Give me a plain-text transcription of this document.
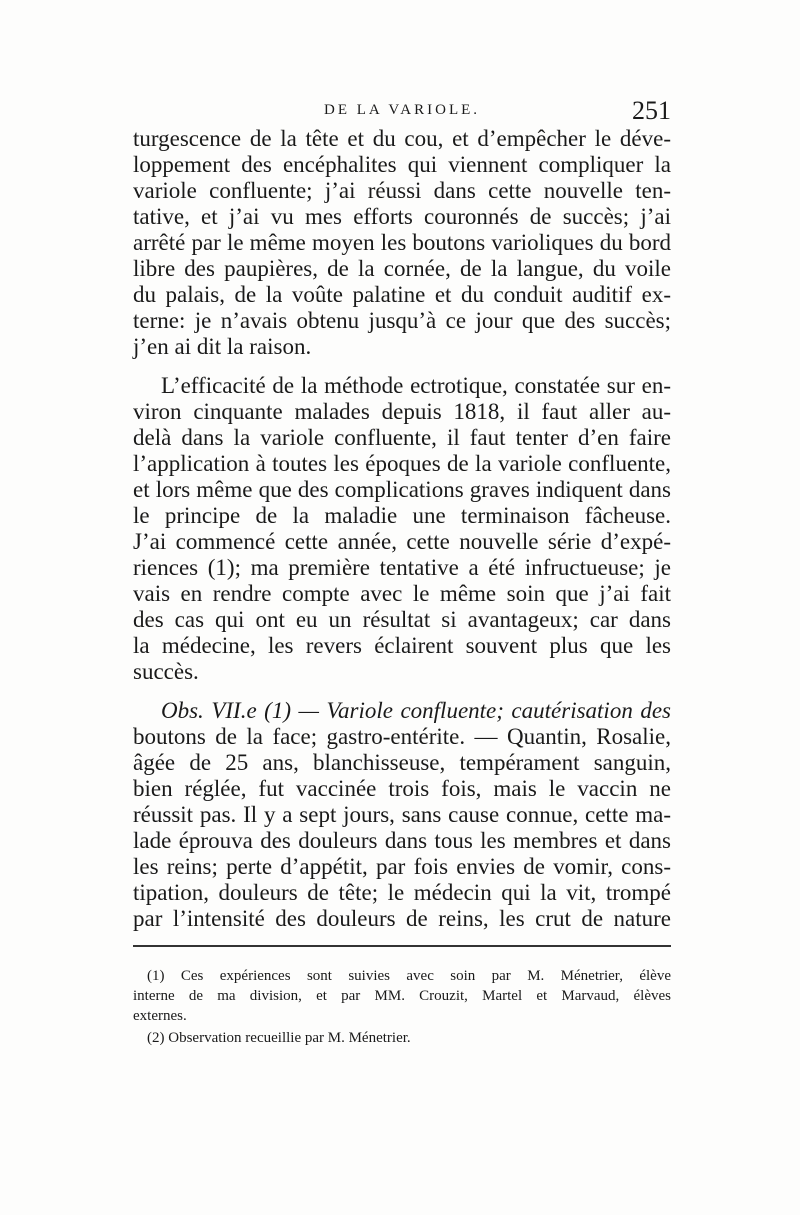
DE LA VARIOLE.	251
turgescence de la tête et du cou, et d’empêcher le déve-
loppement des encéphalites qui viennent compliquer la
variole confluente; j’ai réussi dans cette nouvelle ten-
tative, et j’ai vu mes efforts couronnés de succès; j’ai
arrêté par le même moyen les boutons varioliques du bord
libre des paupières, de la cornée, de la langue, du voile
du palais, de la voûte palatine et du conduit auditif ex-
terne: je n’avais obtenu jusqu’à ce jour que des succès;
j’en ai dit la raison.
L’efficacité de la méthode ectrotique, constatée sur en-
viron cinquante malades depuis 1818, il faut aller au-
delà dans la variole confluente, il faut tenter d’en faire
l’application à toutes les époques de la variole confluente,
et lors même que des complications graves indiquent dans
le principe de la maladie une terminaison fâcheuse.
J’ai commencé cette année, cette nouvelle série d’expé-
riences (1); ma première tentative a été infructueuse; je
vais en rendre compte avec le même soin que j’ai fait
des cas qui ont eu un résultat si avantageux; car dans
la médecine, les revers éclairent souvent plus que les
succès.
Obs. VII.e (1) — Variole confluente; cautérisation des
boutons de la face; gastro-entérite. — Quantin, Rosalie,
âgée de 25 ans, blanchisseuse, tempérament sanguin,
bien réglée, fut vaccinée trois fois, mais le vaccin ne
réussit pas. Il y a sept jours, sans cause connue, cette ma-
lade éprouva des douleurs dans tous les membres et dans
les reins; perte d’appétit, par fois envies de vomir, cons-
tipation, douleurs de tête; le médecin qui la vit, trompé
par l’intensité des douleurs de reins, les crut de nature
(1) Ces expériences sont suivies avec soin par M. Ménetrier, élève
interne de ma division, et par MM. Crouzit, Martel et Marvaud, élèves
externes.
(2) Observation recueillie par M. Ménetrier.
